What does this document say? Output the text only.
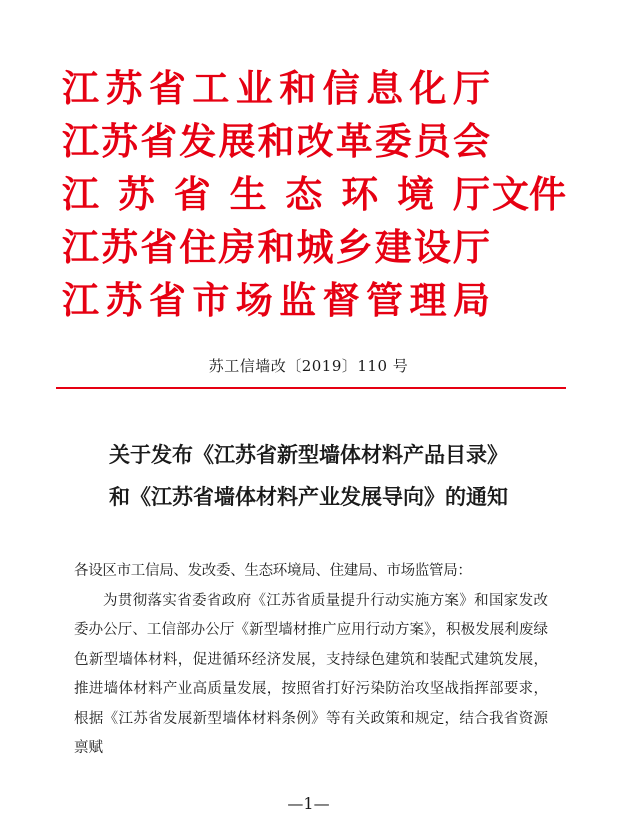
江苏省工业和信息化厅
江苏省发展和改革委员会
江苏省生态环境厅 文件
江苏省住房和城乡建设厅
江苏省市场监督管理局
苏工信墙改〔2019〕110 号
关于发布《江苏省新型墙体材料产品目录》
和《江苏省墙体材料产业发展导向》的通知

各设区市工信局、发改委、生态环境局、住建局、市场监管局：

为贯彻落实省委省政府《江苏省质量提升行动实施方案》和国家发改委办公厅、工信部办公厅《新型墙材推广应用行动方案》，积极发展利废绿色新型墙体材料，促进循环经济发展，支持绿色建筑和装配式建筑发展，推进墙体材料产业高质量发展，按照省打好污染防治攻坚战指挥部要求，根据《江苏省发展新型墙体材料条例》等有关政策和规定，结合我省资源禀赋

—1—
